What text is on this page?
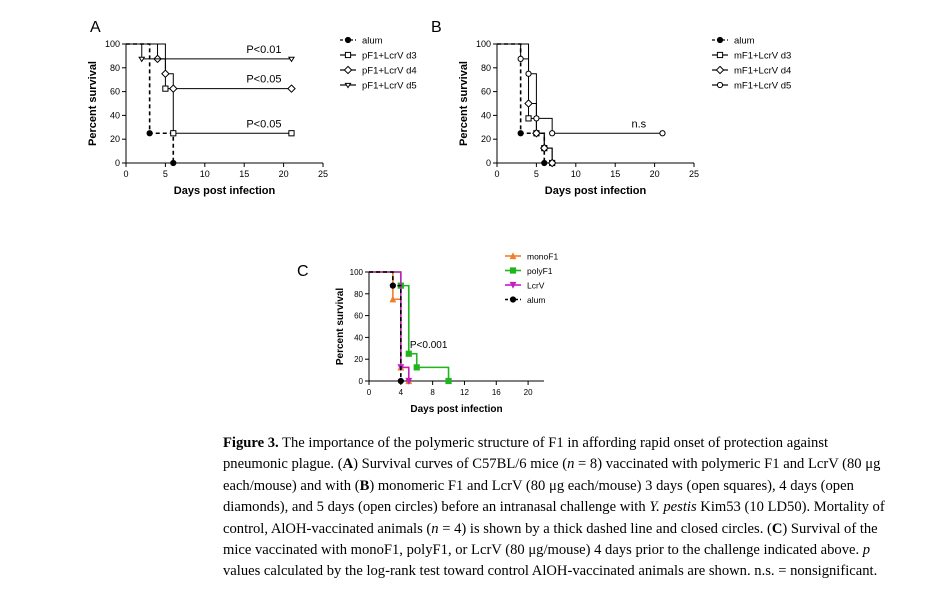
0
20
40
60
80
100
0	5	10	15	20	25
Percent survival
Days post infection
P<0.01
P<0.05
P<0.05
alum
pF1+LcrV d3
pF1+LcrV d4
pF1+LcrV d5
0
20
40
60
80
100
0	5	10	15	20	25
Percent survival
Days post infection
n.s
alum
mF1+LcrV d3
mF1+LcrV d4
mF1+LcrV d5
0
20
40
60
80
100
0	4	8	12	16	20
Percent survival
Days post infection
P<0.001
monoF1
polyF1
LcrV
alum
A	B
C

Figure 3. The importance of the polymeric structure of F1 in affording rapid onset of protection against pneumonic plague. (A) Survival curves of C57BL/6 mice (n = 8) vaccinated with polymeric F1 and LcrV (80 μg each/mouse) and with (B) monomeric F1 and LcrV (80 μg each/mouse) 3 days (open squares), 4 days (open diamonds), and 5 days (open circles) before an intranasal challenge with Y. pestis Kim53 (10 LD50). Mortality of control, AlOH-vaccinated animals (n = 4) is shown by a thick dashed line and closed circles. (C) Survival of the mice vaccinated with monoF1, polyF1, or LcrV (80 μg/mouse) 4 days prior to the challenge indicated above. p values calculated by the log-rank test toward control AlOH-vaccinated animals are shown. n.s. = nonsignificant.
